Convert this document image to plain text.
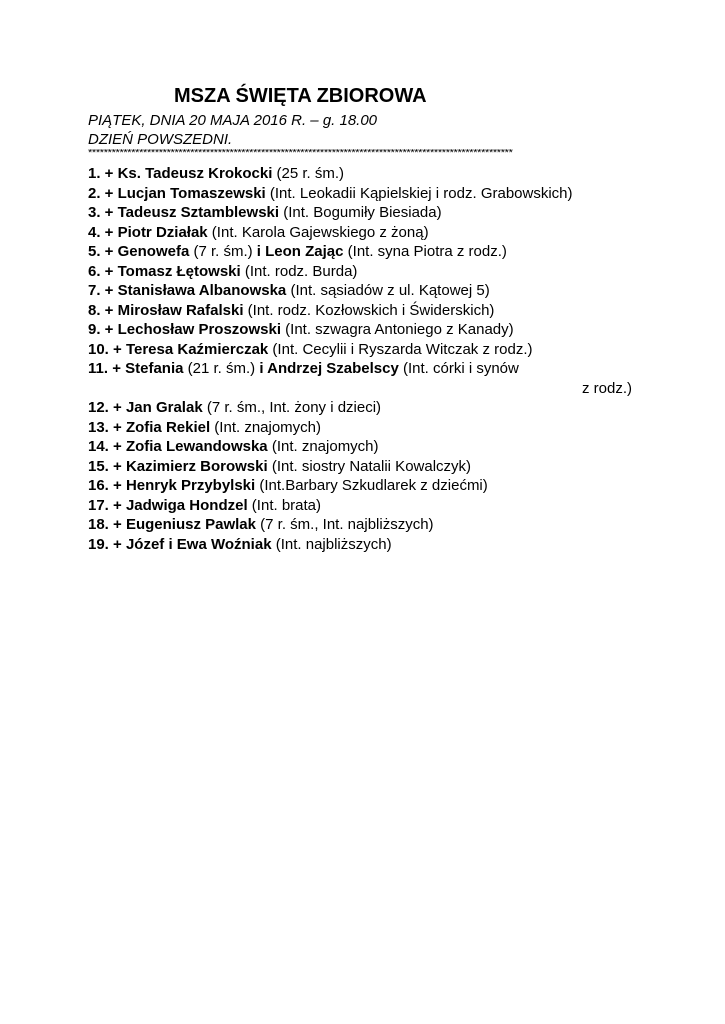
MSZA ŚWIĘTA ZBIOROWA
PIĄTEK, DNIA 20 MAJA 2016 R. – g. 18.00
DZIEŃ POWSZEDNI.
************************************************************************************************************
1. + Ks. Tadeusz Krokocki (25 r. śm.)
2. + Lucjan Tomaszewski (Int. Leokadii Kąpielskiej i rodz. Grabowskich)
3. + Tadeusz Sztamblewski (Int. Bogumiły Biesiada)
4. + Piotr Działak (Int. Karola Gajewskiego z żoną)
5. + Genowefa (7 r. śm.) i Leon Zając (Int. syna Piotra z rodz.)
6. + Tomasz Łętowski (Int. rodz. Burda)
7. + Stanisława Albanowska (Int. sąsiadów z ul. Kątowej 5)
8. + Mirosław Rafalski (Int. rodz. Kozłowskich i Świderskich)
9. + Lechosław Proszowski (Int. szwagra Antoniego z Kanady)
10. + Teresa Kaźmierczak (Int. Cecylii i Ryszarda Witczak z rodz.)
11. + Stefania (21 r. śm.) i Andrzej Szabelscy (Int. córki i synów
z rodz.)
12. + Jan Gralak (7 r. śm., Int. żony i dzieci)
13. + Zofia Rekiel (Int. znajomych)
14. + Zofia Lewandowska (Int. znajomych)
15. + Kazimierz Borowski (Int. siostry Natalii Kowalczyk)
16. + Henryk Przybylski (Int.Barbary Szkudlarek z dziećmi)
17. + Jadwiga Hondzel (Int. brata)
18. + Eugeniusz Pawlak (7 r. śm., Int. najbliższych)
19. + Józef i Ewa Woźniak (Int. najbliższych)
